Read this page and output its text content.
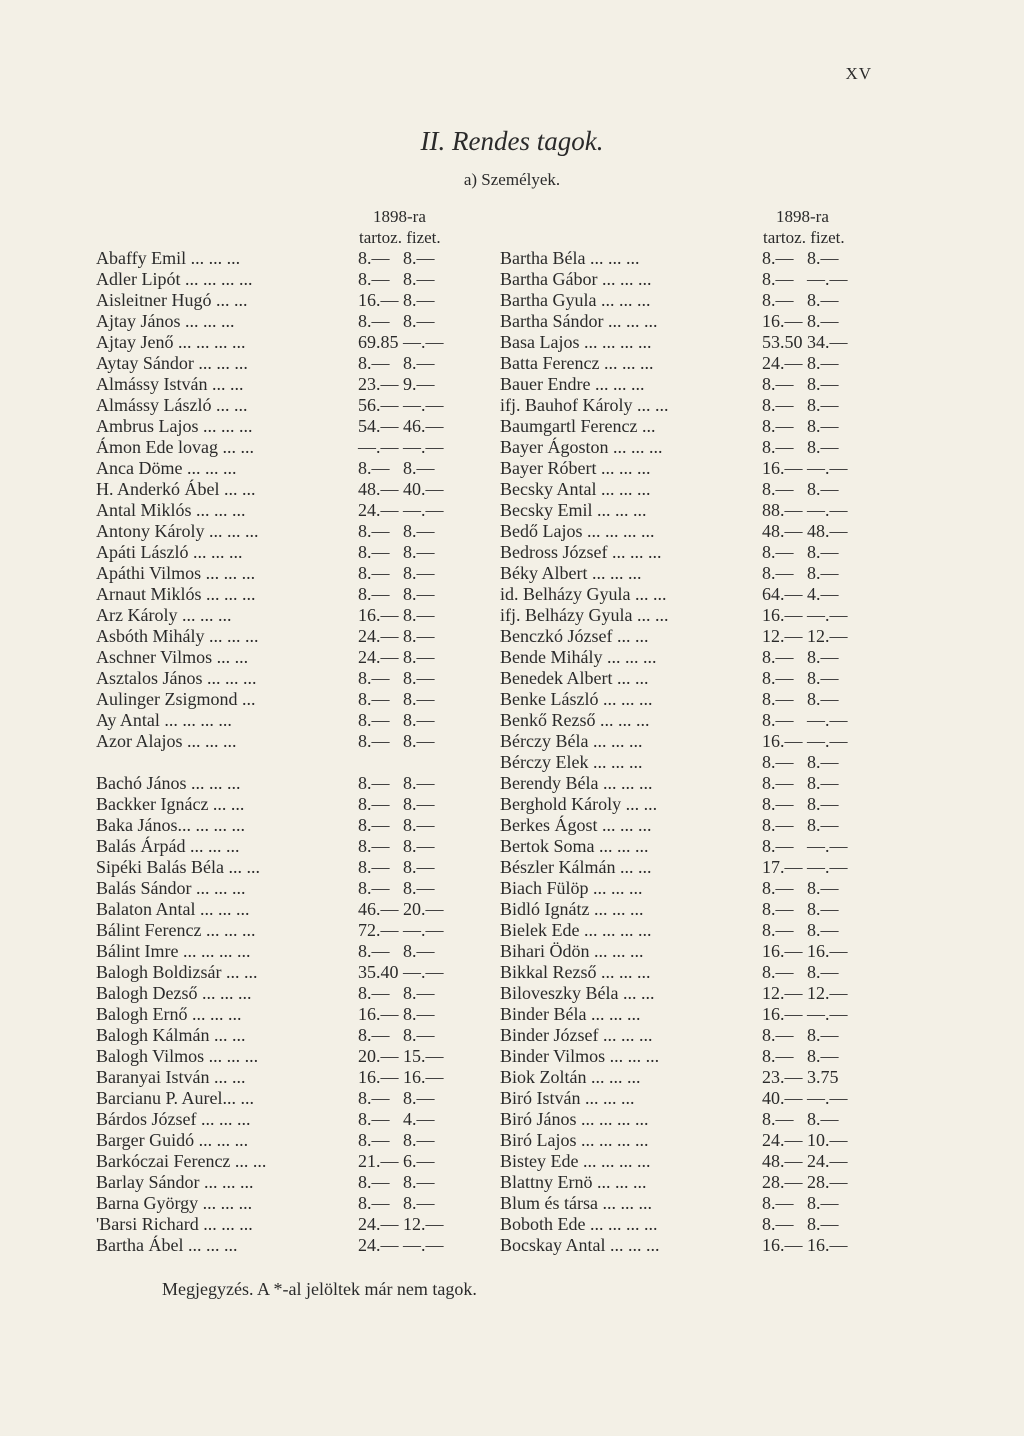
XV
II. Rendes tagok.
a) Személyek.
1898-ra
tartoz. fizet.
Abaffy Emil ... ... ...	8.— 8.—
Adler Lipót ... ... ... ...	8.— 8.—
Aisleitner Hugó ... ...	16.— 8.—
Ajtay János ... ... ...	8.— 8.—
Ajtay Jenő ... ... ... ...	69.85 —.—
Aytay Sándor ... ... ...	8.— 8.—
Almássy István ... ...	23.— 9.—
Almássy László ... ...	56.— —.—
Ambrus Lajos ... ... ...	54.— 46.—
Ámon Ede lovag ... ...	—.— —.—
Anca Döme ... ... ...	8.— 8.—
H. Anderkó Ábel ... ...	48.— 40.—
Antal Miklós ... ... ...	24.— —.—
Antony Károly ... ... ...	8.— 8.—
Apáti László ... ... ...	8.— 8.—
Apáthi Vilmos ... ... ...	8.— 8.—
Arnaut Miklós ... ... ...	8.— 8.—
Arz Károly ... ... ...	16.— 8.—
Asbóth Mihály ... ... ...	24.— 8.—
Aschner Vilmos ... ...	24.— 8.—
Asztalos János ... ... ...	8.— 8.—
Aulinger Zsigmond ...	8.— 8.—
Ay Antal ... ... ... ...	8.— 8.—
Azor Alajos ... ... ...	8.— 8.—
Bachó János ... ... ...	8.— 8.—
Backker Ignácz ... ...	8.— 8.—
Baka János... ... ... ...	8.— 8.—
Balás Árpád ... ... ...	8.— 8.—
Sipéki Balás Béla ... ...	8.— 8.—
Balás Sándor ... ... ...	8.— 8.—
Balaton Antal ... ... ...	46.— 20.—
Bálint Ferencz ... ... ...	72.— —.—
Bálint Imre ... ... ... ...	8.— 8.—
Balogh Boldizsár ... ...	35.40 —.—
Balogh Dezső ... ... ...	8.— 8.—
Balogh Ernő ... ... ...	16.— 8.—
Balogh Kálmán ... ...	8.— 8.—
Balogh Vilmos ... ... ...	20.— 15.—
Baranyai István ... ...	16.— 16.—
Barcianu P. Aurel... ...	8.— 8.—
Bárdos József ... ... ...	8.— 4.—
Barger Guidó ... ... ...	8.— 8.—
Barkóczai Ferencz ... ...	21.— 6.—
Barlay Sándor ... ... ...	8.— 8.—
Barna György ... ... ...	8.— 8.—
'Barsi Richard ... ... ...	24.— 12.—
Bartha Ábel ... ... ...	24.— —.—
1898-ra
tartoz. fizet.
Bartha Béla ... ... ...	8.— 8.—
Bartha Gábor ... ... ...	8.— —.—
Bartha Gyula ... ... ...	8.— 8.—
Bartha Sándor ... ... ...	16.— 8.—
Basa Lajos ... ... ... ...	53.50 34.—
Batta Ferencz ... ... ...	24.— 8.—
Bauer Endre ... ... ...	8.— 8.—
ifj. Bauhof Károly ... ...	8.— 8.—
Baumgartl Ferencz ...	8.— 8.—
Bayer Ágoston ... ... ...	8.— 8.—
Bayer Róbert ... ... ...	16.— —.—
Becsky Antal ... ... ...	8.— 8.—
Becsky Emil ... ... ...	88.— —.—
Bedő Lajos ... ... ... ...	48.— 48.—
Bedross József ... ... ...	8.— 8.—
Béky Albert ... ... ...	8.— 8.—
id. Belházy Gyula ... ...	64.— 4.—
ifj. Belházy Gyula ... ...	16.— —.—
Benczkó József ... ...	12.— 12.—
Bende Mihály ... ... ...	8.— 8.—
Benedek Albert ... ...	8.— 8.—
Benke László ... ... ...	8.— 8.—
Benkő Rezső ... ... ...	8.— —.—
Bérczy Béla ... ... ...	16.— —.—
Bérczy Elek ... ... ...	8.— 8.—
Berendy Béla ... ... ...	8.— 8.—
Berghold Károly ... ...	8.— 8.—
Berkes Ágost ... ... ...	8.— 8.—
Bertok Soma ... ... ...	8.— —.—
Bészler Kálmán ... ...	17.— —.—
Biach Fülöp ... ... ...	8.— 8.—
Bidló Ignátz ... ... ...	8.— 8.—
Bielek Ede ... ... ... ...	8.— 8.—
Bihari Ödön ... ... ...	16.— 16.—
Bikkal Rezső ... ... ...	8.— 8.—
Biloveszky Béla ... ...	12.— 12.—
Binder Béla ... ... ...	16.— —.—
Binder József ... ... ...	8.— 8.—
Binder Vilmos ... ... ...	8.— 8.—
Biok Zoltán ... ... ...	23.— 3.75
Biró István ... ... ...	40.— —.—
Biró János ... ... ... ...	8.— 8.—
Biró Lajos ... ... ... ...	24.— 10.—
Bistey Ede ... ... ... ...	48.— 24.—
Blattny Ernö ... ... ...	28.— 28.—
Blum és társa ... ... ...	8.— 8.—
Boboth Ede ... ... ... ...	8.— 8.—
Bocskay Antal ... ... ...	16.— 16.—
Megjegyzés. A *-al jelöltek már nem tagok.
